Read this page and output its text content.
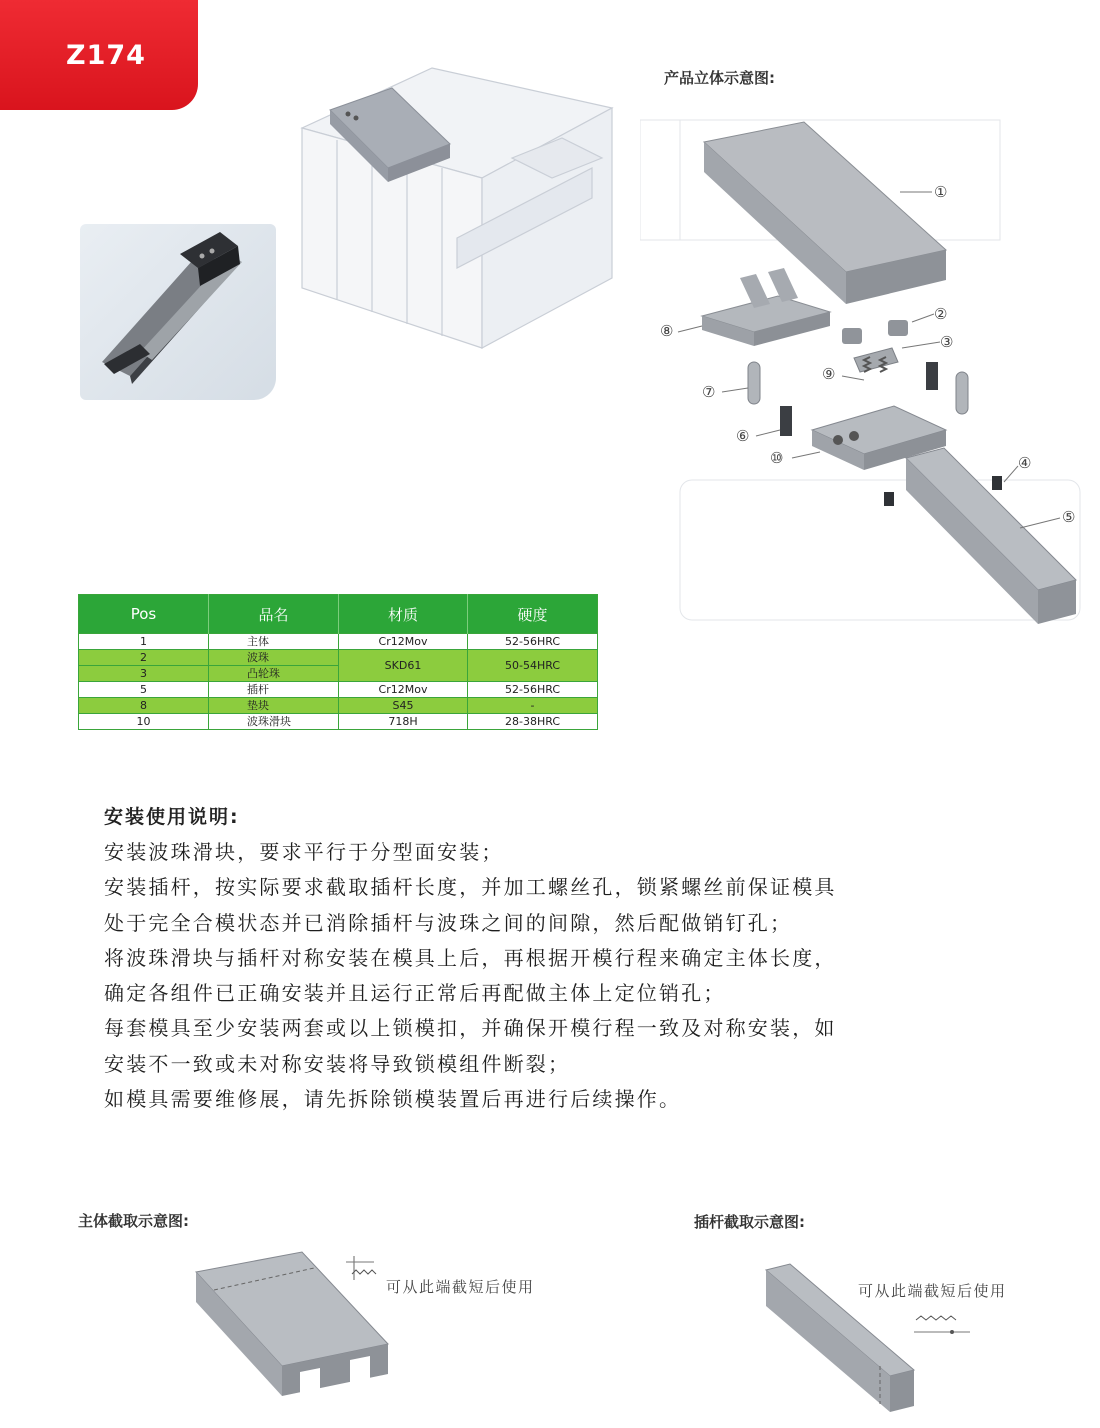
Z174
产品立体示意图:
①
②
③
④
⑤
⑥
⑦
⑧
⑨
⑩
Pos	品名	材质	硬度
1	主体	Cr12Mov	52-56HRC
2	波珠	SKD61	50-54HRC
3	凸轮珠		
5	插杆	Cr12Mov	52-56HRC
8	垫块	S45	-
10	波珠滑块	718H	28-38HRC
安装使用说明:

安装波珠滑块，要求平行于分型面安装；

安装插杆，按实际要求截取插杆长度，并加工螺丝孔，锁紧螺丝前保证模具

处于完全合模状态并已消除插杆与波珠之间的间隙，然后配做销钉孔；

将波珠滑块与插杆对称安装在模具上后，再根据开模行程来确定主体长度，

确定各组件已正确安装并且运行正常后再配做主体上定位销孔；

每套模具至少安装两套或以上锁模扣，并确保开模行程一致及对称安装，如

安装不一致或未对称安装将导致锁模组件断裂；

如模具需要维修展，请先拆除锁模装置后再进行后续操作。

主体截取示意图:
可从此端截短后使用
插杆截取示意图:
可从此端截短后使用
